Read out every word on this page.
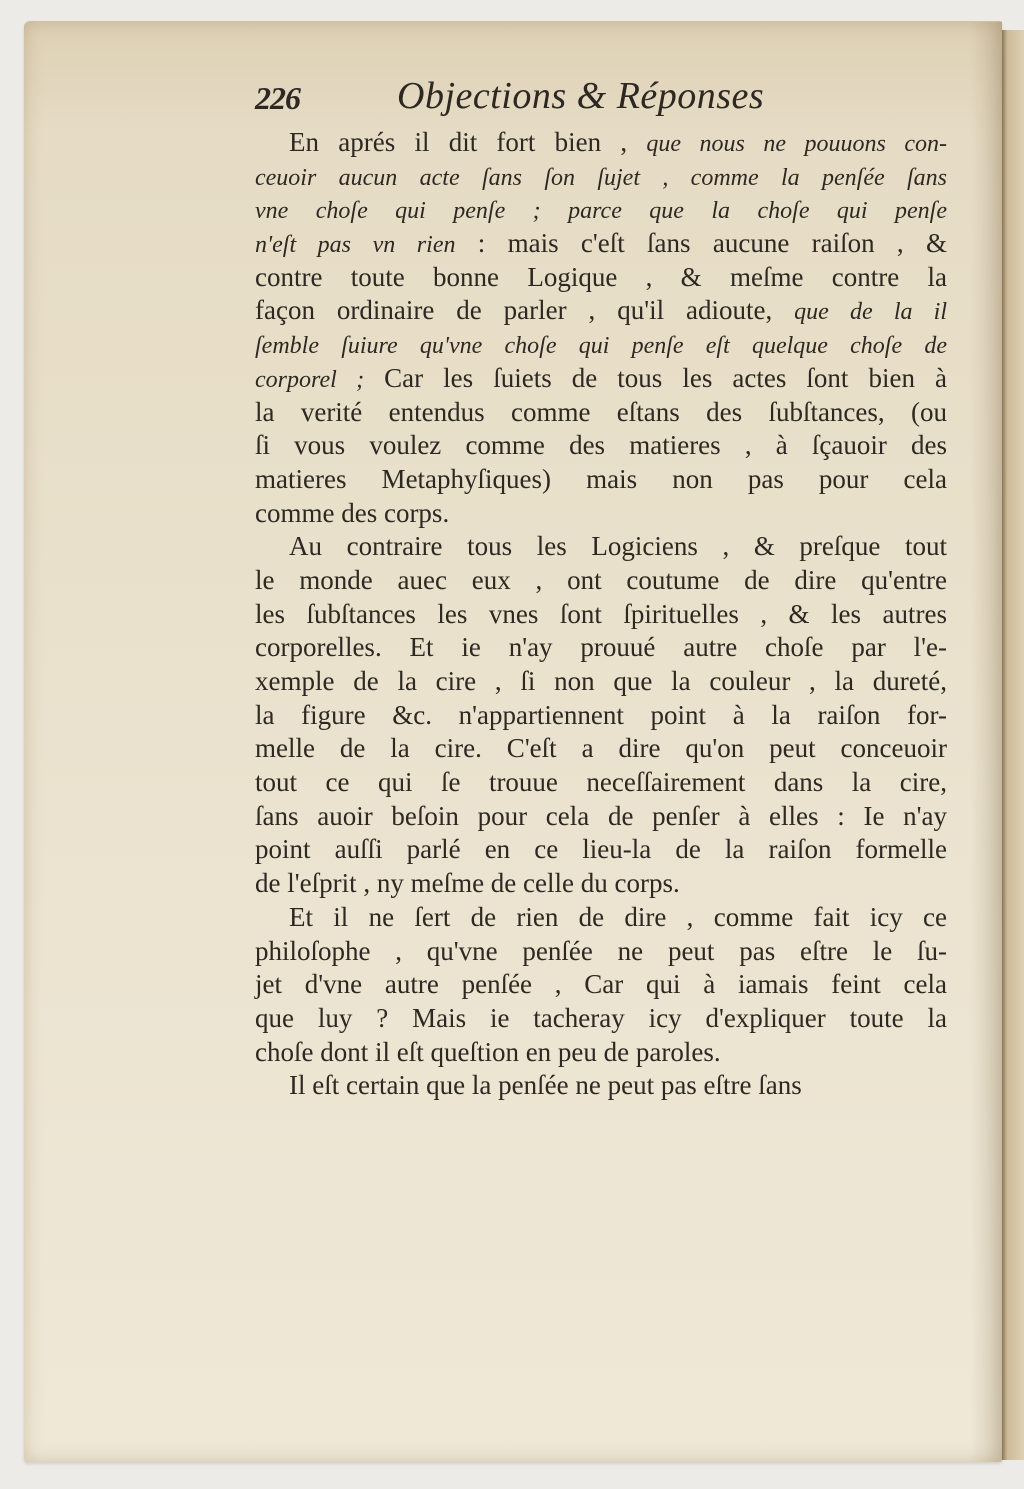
226	Objections & Réponses
En aprés il dit fort bien , que nous ne pouuons con-
ceuoir aucun acte ſans ſon ſujet , comme la penſée ſans
vne choſe qui penſe ; parce que la choſe qui penſe
n'eſt pas vn rien : mais c'eſt ſans aucune raiſon , &
contre toute bonne Logique , & meſme contre la
façon ordinaire de parler , qu'il adioute, que de la il
ſemble ſuiure qu'vne choſe qui penſe eſt quelque choſe de
corporel ; Car les ſuiets de tous les actes ſont bien à
la verité entendus comme eſtans des ſubſtances, (ou
ſi vous voulez comme des matieres , à ſçauoir des
matieres Metaphyſiques) mais non pas pour cela
comme des corps.
Au contraire tous les Logiciens , & preſque tout
le monde auec eux , ont coutume de dire qu'entre
les ſubſtances les vnes ſont ſpirituelles , & les autres
corporelles. Et ie n'ay prouué autre choſe par l'e-
xemple de la cire , ſi non que la couleur , la dureté,
la figure &c. n'appartiennent point à la raiſon for-
melle de la cire. C'eſt a dire qu'on peut conceuoir
tout ce qui ſe trouue neceſſairement dans la cire,
ſans auoir beſoin pour cela de penſer à elles : Ie n'ay
point auſſi parlé en ce lieu-la de la raiſon formelle
de l'eſprit , ny meſme de celle du corps.
Et il ne ſert de rien de dire , comme fait icy ce
philoſophe , qu'vne penſée ne peut pas eſtre le ſu-
jet d'vne autre penſée , Car qui à iamais feint cela
que luy ? Mais ie tacheray icy d'expliquer toute la
choſe dont il eſt queſtion en peu de paroles.
Il eſt certain que la penſée ne peut pas eſtre ſans
